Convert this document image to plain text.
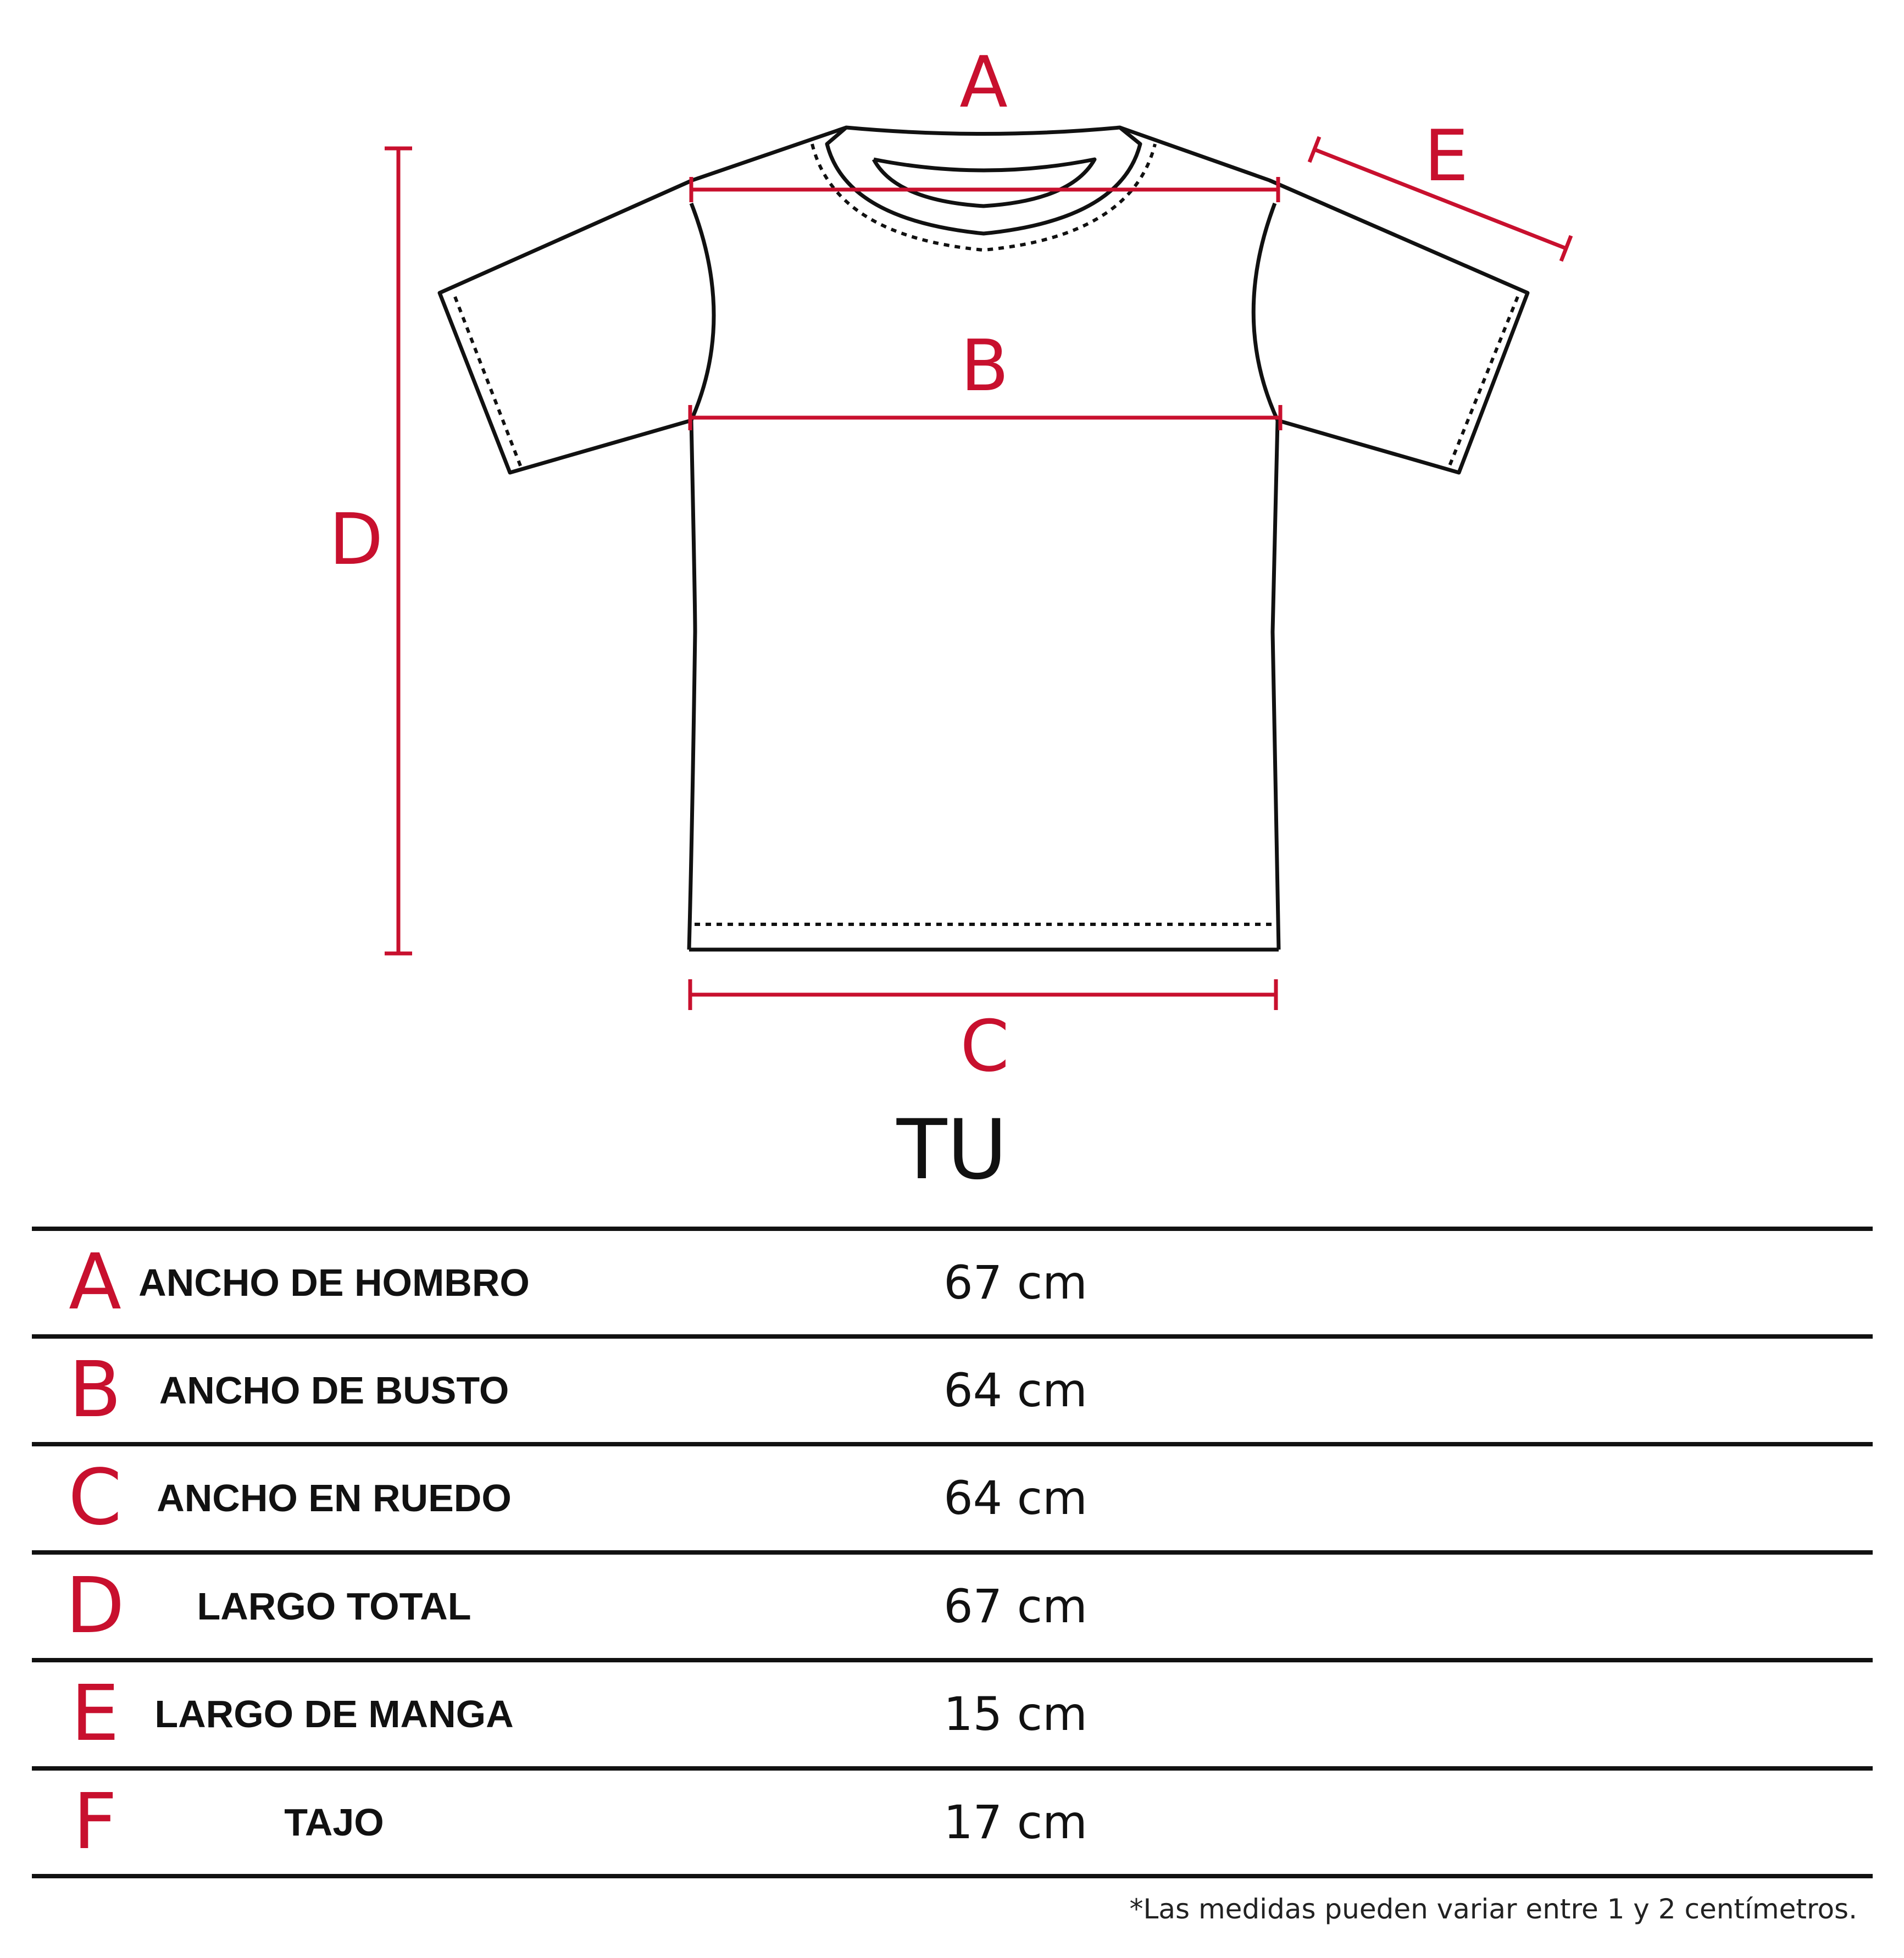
A
B
C
D
E
TU
A ANCHO DE HOMBRO	67 cm
B ANCHO DE BUSTO	64 cm
C ANCHO EN RUEDO	64 cm
D	LARGO TOTAL	67 cm
E LARGO DE MANGA	15 cm
F	TAJO	17 cm
*Las medidas pueden variar entre 1 y 2 centímetros.
